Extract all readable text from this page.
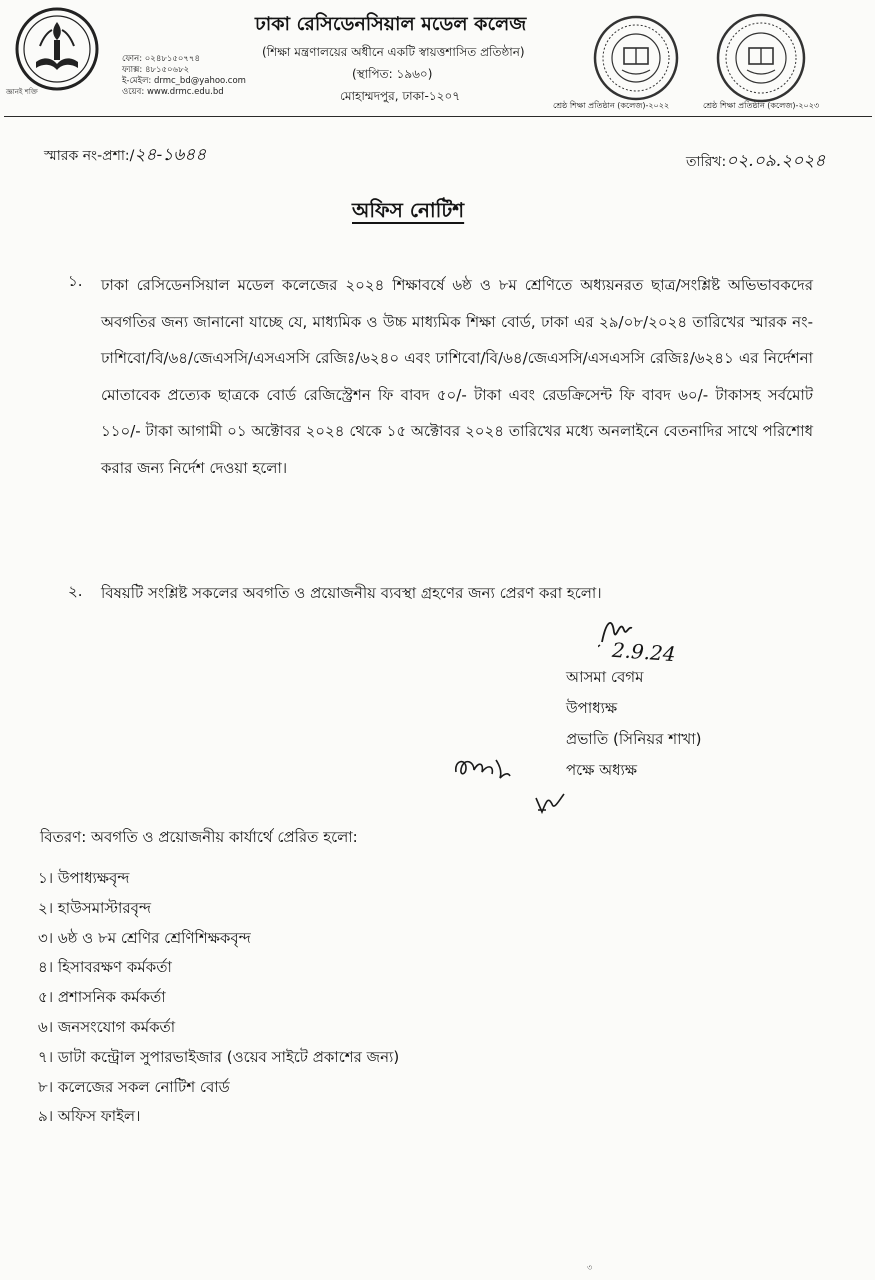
জ্ঞানই শক্তি
ফোন: ০২৪৮১৫০৭৭৪
ফ্যাক্স: ৪৮১৫০৬৮২
ই-মেইল: drmc_bd@yahoo.com
ওয়েব: www.drmc.edu.bd
ঢাকা রেসিডেনসিয়াল মডেল কলেজ
(শিক্ষা মন্ত্রণালয়ের অধীনে একটি স্বায়ত্তশাসিত প্রতিষ্ঠান)
(স্থাপিত: ১৯৬০)
মোহাম্মদপুর, ঢাকা-১২০৭
শ্রেষ্ঠ শিক্ষা প্রতিষ্ঠান (কলেজ)-২০২২	শ্রেষ্ঠ শিক্ষা প্রতিষ্ঠান (কলেজ)-২০২৩
স্মারক নং-প্রশা:/২৪-১৬৪৪	তারিখ:০২.০৯.২০২৪
অফিস নোটিশ
১. ঢাকা রেসিডেনসিয়াল মডেল কলেজের ২০২৪ শিক্ষাবর্ষে ৬ষ্ঠ ও ৮ম শ্রেণিতে অধ্যয়নরত ছাত্র/সংশ্লিষ্ট অভিভাবকদের অবগতির জন্য জানানো যাচ্ছে যে, মাধ্যমিক ও উচ্চ মাধ্যমিক শিক্ষা বোর্ড, ঢাকা এর ২৯/০৮/২০২৪ তারিখের স্মারক নং-ঢাশিবো/বি/৬৪/জেএসসি/এসএসসি রেজিঃ/৬২৪০ এবং ঢাশিবো/বি/৬৪/জেএসসি/এসএসসি রেজিঃ/৬২৪১ এর নির্দেশনা মোতাবেক প্রত্যেক ছাত্রকে বোর্ড রেজিস্ট্রেশন ফি বাবদ ৫০/- টাকা এবং রেডক্রিসেন্ট ফি বাবদ ৬০/- টাকাসহ সর্বমোট ১১০/- টাকা আগামী ০১ অক্টোবর ২০২৪ থেকে ১৫ অক্টোবর ২০২৪ তারিখের মধ্যে অনলাইনে বেতনাদির সাথে পরিশোধ করার জন্য নির্দেশ দেওয়া হলো।
২. বিষয়টি সংশ্লিষ্ট সকলের অবগতি ও প্রয়োজনীয় ব্যবস্থা গ্রহণের জন্য প্রেরণ করা হলো।
2.9.24
আসমা বেগম
উপাধ্যক্ষ
প্রভাতি (সিনিয়র শাখা)
পক্ষে অধ্যক্ষ
বিতরণ: অবগতি ও প্রয়োজনীয় কার্যার্থে প্রেরিত হলো:
১। উপাধ্যক্ষবৃন্দ
২। হাউসমাস্টারবৃন্দ
৩। ৬ষ্ঠ ও ৮ম শ্রেণির শ্রেণিশিক্ষকবৃন্দ
৪। হিসাবরক্ষণ কর্মকর্তা
৫। প্রশাসনিক কর্মকর্তা
৬। জনসংযোগ কর্মকর্তা
৭। ডাটা কন্ট্রোল সুপারভাইজার (ওয়েব সাইটে প্রকাশের জন্য)
৮। কলেজের সকল নোটিশ বোর্ড
৯। অফিস ফাইল।
৩
